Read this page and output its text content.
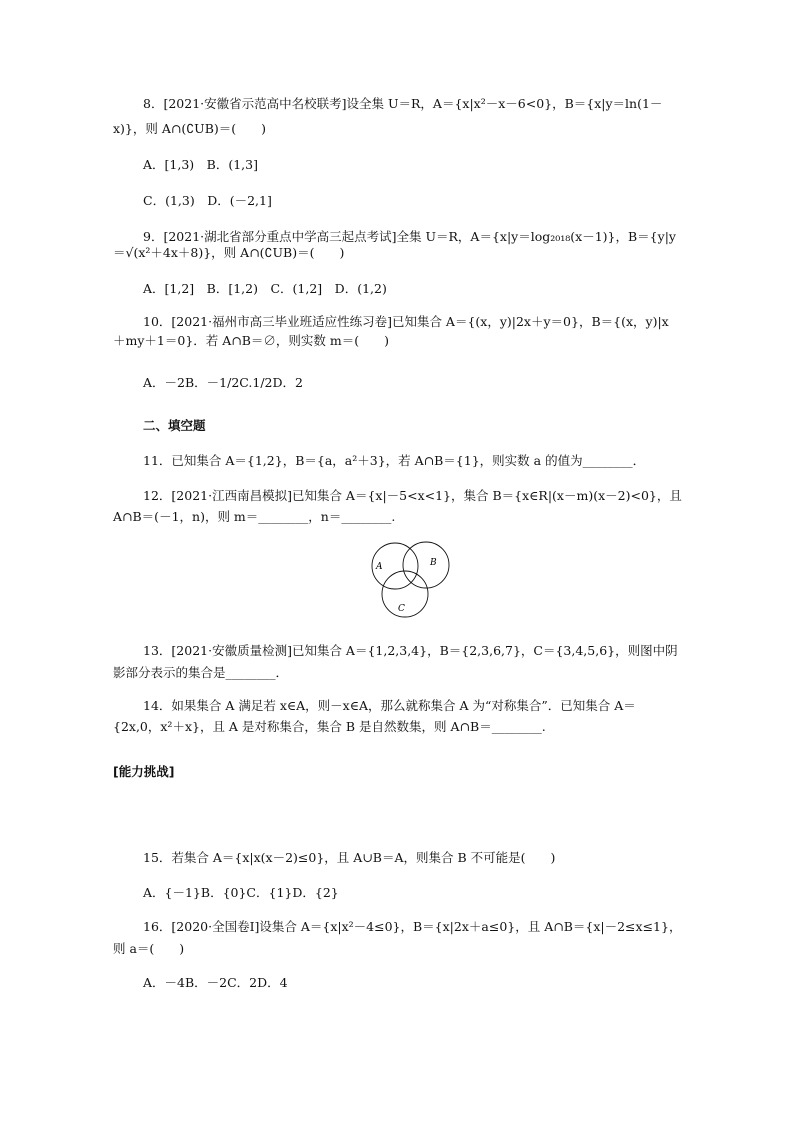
8．[2021·安徽省示范高中名校联考]设全集 U＝R，A＝{x|x²－x－6<0}，B＝{x|y＝ln(1－
x)}，则 A∩(∁UB)＝(　　)
A．[1,3)　B．(1,3]
C．(1,3)　D．(－2,1]
9．[2021·湖北省部分重点中学高三起点考试]全集 U＝R，A＝{x|y＝log₂₀₁₈(x－1)}，B＝{y|y
＝√(x²＋4x＋8)}，则 A∩(∁UB)＝(　　)
A．[1,2]　B．[1,2)　C．(1,2]　D．(1,2)
10．[2021·福州市高三毕业班适应性练习卷]已知集合 A＝{(x，y)|2x＋y＝0}，B＝{(x，y)|x
＋my＋1＝0}．若 A∩B＝∅，则实数 m＝(　　)
A．－2B．－1/2C.1/2D．2
二、填空题
11．已知集合 A＝{1,2}，B＝{a，a²＋3}，若 A∩B＝{1}，则实数 a 的值为________．
12．[2021·江西南昌模拟]已知集合 A＝{x|－5<x<1}，集合 B＝{x∈R|(x－m)(x－2)<0}，且
A∩B＝(－1，n)，则 m＝________，n＝________.
A	B
C
13．[2021·安徽质量检测]已知集合 A＝{1,2,3,4}，B＝{2,3,6,7}，C＝{3,4,5,6}，则图中阴
影部分表示的集合是________．
14．如果集合 A 满足若 x∈A，则－x∈A，那么就称集合 A 为“对称集合”．已知集合 A＝
{2x,0，x²＋x}，且 A 是对称集合，集合 B 是自然数集，则 A∩B＝________.
[能力挑战]
15．若集合 A＝{x|x(x－2)≤0}，且 A∪B＝A，则集合 B 不可能是(　　)
A．{－1}B．{0}C．{1}D．{2}
16．[2020·全国卷Ⅰ]设集合 A＝{x|x²－4≤0}，B＝{x|2x＋a≤0}，且 A∩B＝{x|－2≤x≤1}，
则 a＝(　　)
A．－4B．－2C．2D．4
